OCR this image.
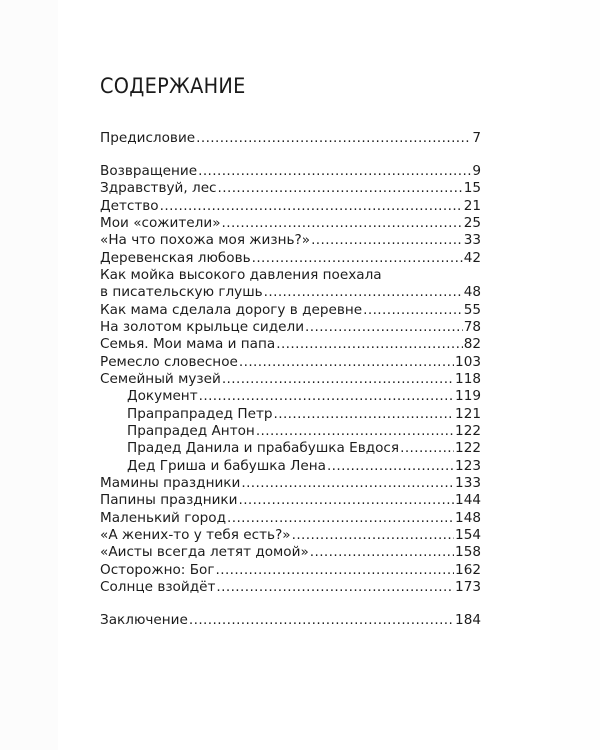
СОДЕРЖАНИЕ
Предисловие .....	7
Возвращение .....	9
Здравствуй, лес .....	15
Детство .....	21
Мои «сожители» .....	25
«На что похожа моя жизнь?» .....	33
Деревенская любовь .....	42
Как мойка высокого давления поехала
в писательскую глушь .....	48
Как мама сделала дорогу в деревне .....	55
На золотом крыльце сидели .....	78
Семья. Мои мама и папа .....	82
Ремесло словесное .....	103
Семейный музей .....	118
Документ .....	119
Прапрапрадед Петр .....	121
Прапрадед Антон .....	122
Прадед Данила и прабабушка Евдося .....	122
Дед Гриша и бабушка Лена .....	123
Мамины праздники .....	133
Папины праздники .....	144
Маленький город .....	148
«А жених-то у тебя есть?» .....	154
«Аисты всегда летят домой» .....	158
Осторожно: Бог .....	162
Солнце взойдёт .....	173
Заключение .....	184
